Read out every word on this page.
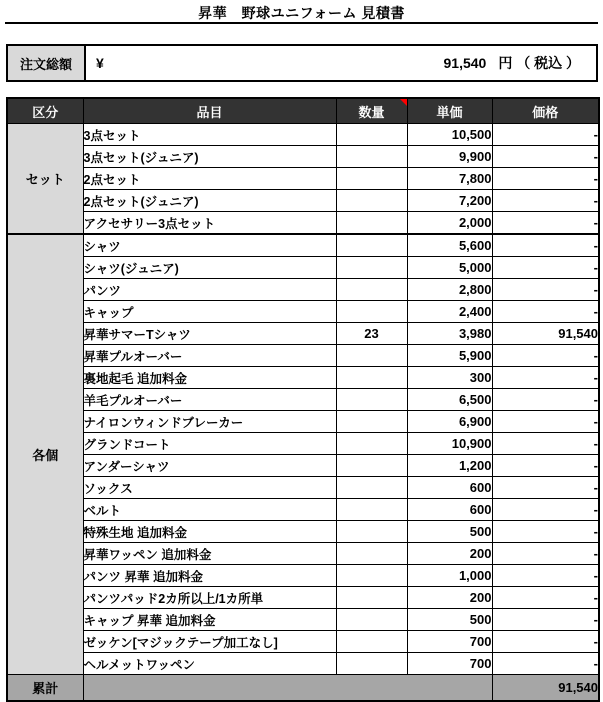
昇華　野球ユニフォーム 見積書
注文総額	¥	91,540 円 （ 税込 ）
区分	品目	数量	単価	価格
セット	3点セット		10,500	-
	3点セット(ジュニア)		9,900	-
	2点セット		7,800	-
	2点セット(ジュニア)		7,200	-
	アクセサリー3点セット		2,000	-
各個	シャツ		5,600	-
	シャツ(ジュニア)		5,000	-
	パンツ		2,800	-
	キャップ		2,400	-
	昇華サマーTシャツ	23	3,980	91,540
	昇華プルオーバー		5,900	-
	裏地起毛 追加料金		300	-
	羊毛プルオーバー		6,500	-
	ナイロンウィンドブレーカー		6,900	-
	グランドコート		10,900	-
	アンダーシャツ		1,200	-
	ソックス		600	-
	ベルト		600	-
	特殊生地 追加料金		500	-
	昇華ワッペン 追加料金		200	-
	パンツ 昇華 追加料金		1,000	-
	パンツパッド2カ所以上/1カ所単		200	-
	キャップ 昇華 追加料金		500	-
	ゼッケン[マジックテープ加工なし]		700	-
	ヘルメットワッペン		700	-
累計				91,540
